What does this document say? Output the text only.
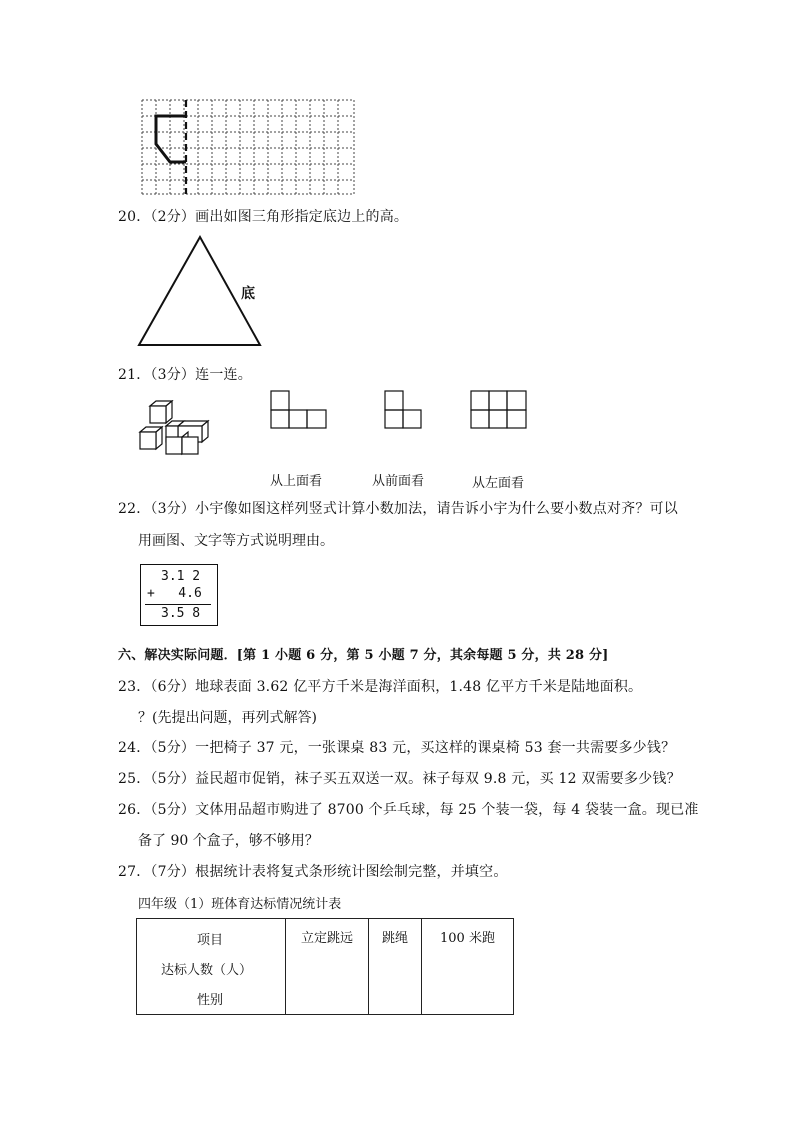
20．（2分）画出如图三角形指定底边上的高。
底
21．（3分）连一连。
从上面看	从前面看	从左面看
22．（3分）小宇像如图这样列竖式计算小数加法，请告诉小宇为什么要小数点对齐？可以
用画图、文字等方式说明理由。
3.1 2
+   4.6
3.5 8
六、解决实际问题．[第 1 小题 6 分，第 5 小题 7 分，其余每题 5 分，共 28 分]
23．（6分）地球表面 3.62 亿平方千米是海洋面积，1.48 亿平方千米是陆地面积。
？(先提出问题，再列式解答)
24．（5分）一把椅子 37 元，一张课桌 83 元，买这样的课桌椅 53 套一共需要多少钱？
25．（5分）益民超市促销，袜子买五双送一双。袜子每双 9.8 元，买 12 双需要多少钱？
26．（5分）文体用品超市购进了 8700 个乒乓球，每 25 个装一袋，每 4 袋装一盒。现已准
备了 90 个盒子，够不够用？
27．（7分）根据统计表将复式条形统计图绘制完整，并填空。
四年级（1）班体育达标情况统计表
项目
达标人数（人）
性别
	立定跳远	跳绳	100 米跑
